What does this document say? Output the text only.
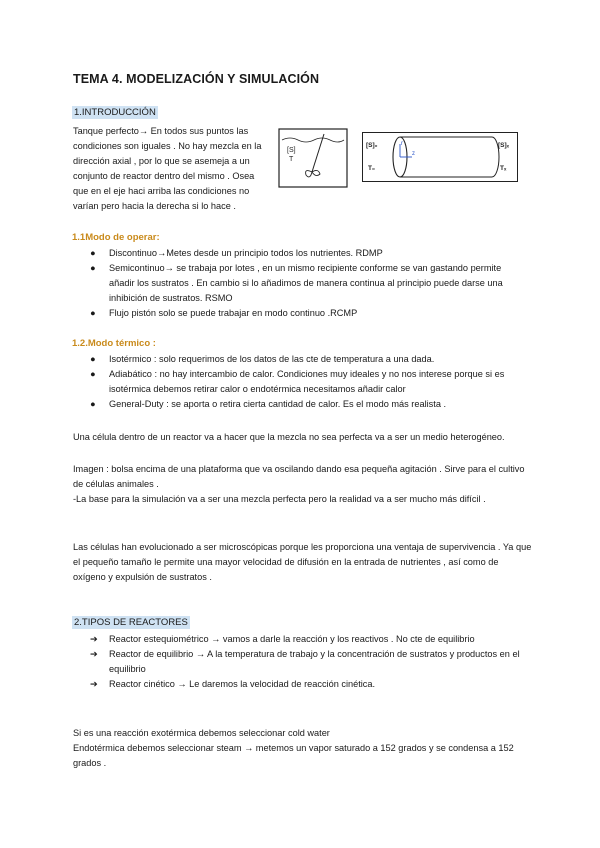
TEMA 4. MODELIZACIÓN Y SIMULACIÓN
1.INTRODUCCIÓN
Tanque perfecto→ En todos sus puntos las
condiciones son iguales . No hay mezcla en la
dirección axial , por lo que se asemeja a un
conjunto de reactor dentro del mismo . Osea
que en el eje haci arriba las condiciones no
varían pero hacia la derecha si lo hace .
[S]
T
r
z
[S]₀
T₀
[S]ₓ
Tₓ
1.1Modo de operar:
● Discontinuo→Metes desde un principio todos los nutrientes. RDMP
● Semicontinuo→ se trabaja por lotes , en un mismo recipiente conforme se van gastando permite
añadir los sustratos . En cambio si lo añadimos de manera continua al principio puede darse una
inhibición de sustratos. RSMO
● Flujo pistón solo se puede trabajar en modo continuo .RCMP
1.2.Modo térmico :
● Isotérmico : solo requerimos de los datos de las cte de temperatura a una dada.
● Adiabático : no hay intercambio de calor. Condiciones muy ideales y no nos interese porque si es
isotérmica debemos retirar calor o endotérmica necesitamos añadir calor
● General-Duty : se aporta o retira cierta cantidad de calor. Es el modo más realista .
Una célula dentro de un reactor va a hacer que la mezcla no sea perfecta va a ser un medio heterogéneo.
Imagen : bolsa encima de una plataforma que va oscilando dando esa pequeña agitación . Sirve para el cultivo
de células animales .
-La base para la simulación va a ser una mezcla perfecta pero la realidad va a ser mucho más difícil .
Las células han evolucionado a ser microscópicas porque les proporciona una ventaja de supervivencia . Ya que
el pequeño tamaño le permite una mayor velocidad de difusión en la entrada de nutrientes , así como de
oxígeno y expulsión de sustratos .
2.TIPOS DE REACTORES
➔ Reactor estequiométrico → vamos a darle la reacción y los reactivos . No cte de equilibrio
➔ Reactor de equilibrio → A la temperatura de trabajo y la concentración de sustratos y productos en el
equilibrio
➔ Reactor cinético → Le daremos la velocidad de reacción cinética.
Si es una reacción exotérmica debemos seleccionar cold water
Endotérmica debemos seleccionar steam → metemos un vapor saturado a 152 grados y se condensa a 152
grados .
